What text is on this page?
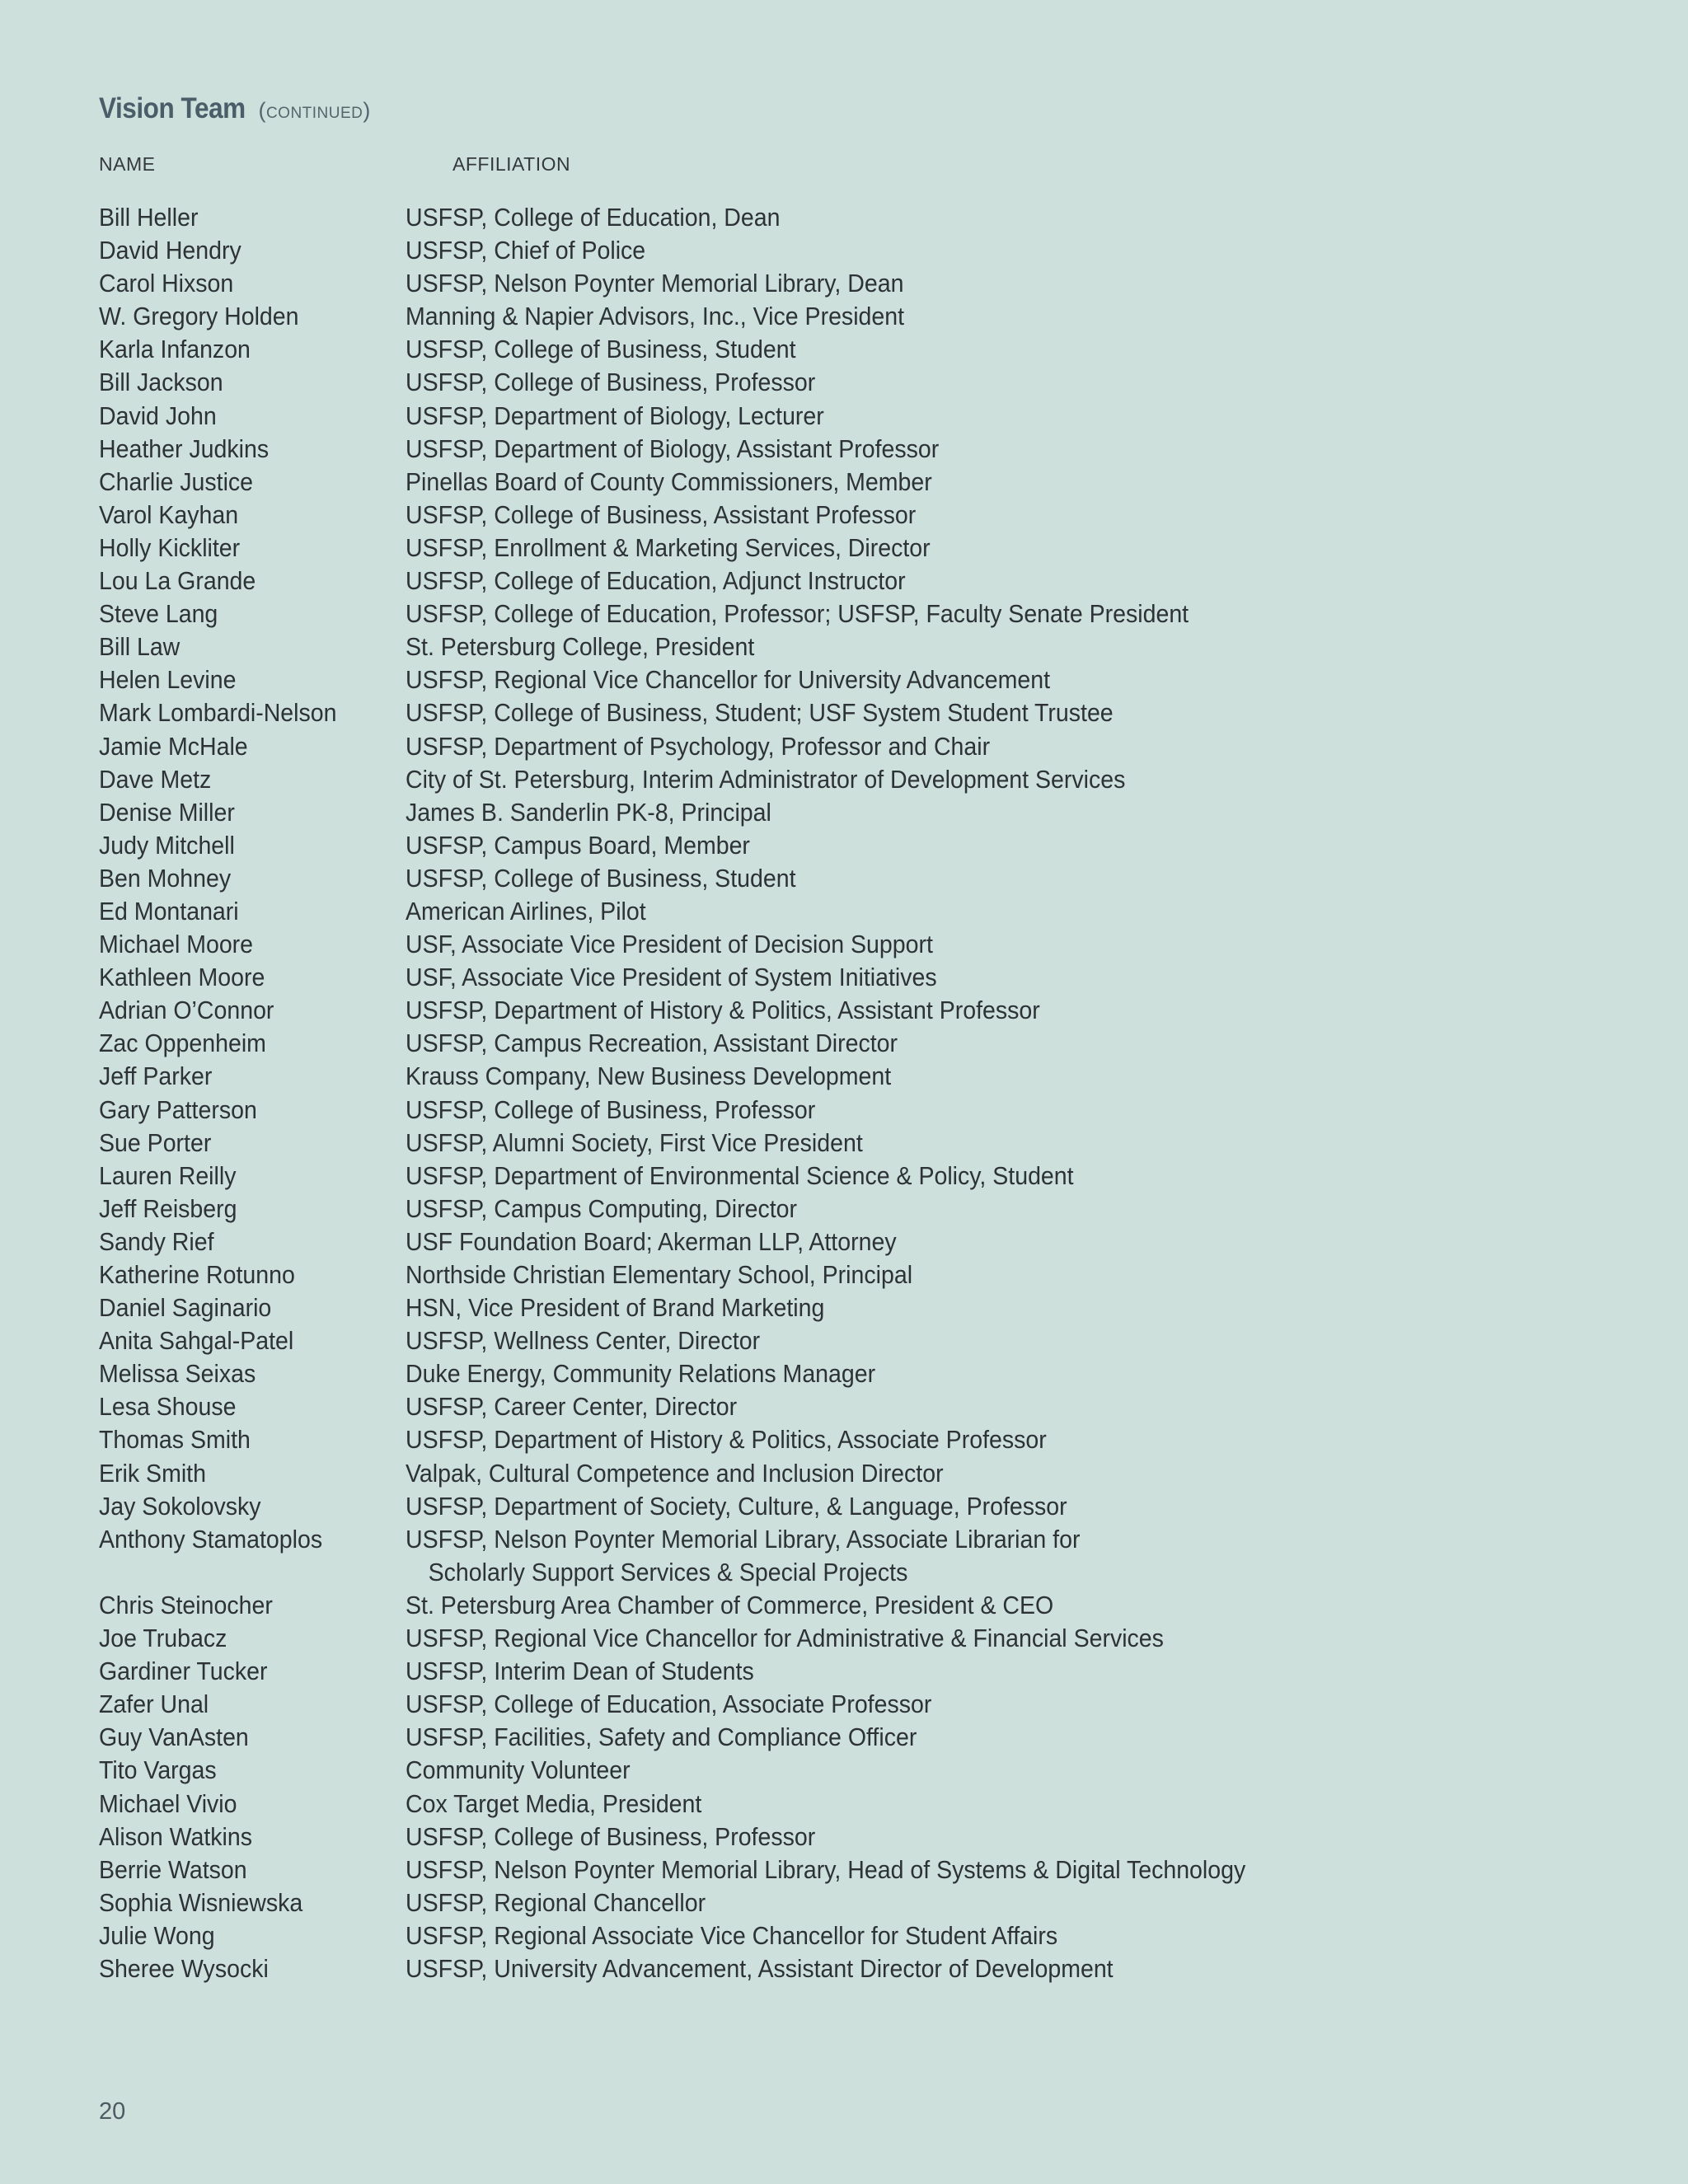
Vision Team (continued)
NAME	AFFILIATION
Bill Heller	USFSP, College of Education, Dean
David Hendry	USFSP, Chief of Police
Carol Hixson	USFSP, Nelson Poynter Memorial Library, Dean
W. Gregory Holden	Manning & Napier Advisors, Inc., Vice President
Karla Infanzon	USFSP, College of Business, Student
Bill Jackson	USFSP, College of Business, Professor
David John	USFSP, Department of Biology, Lecturer
Heather Judkins	USFSP, Department of Biology, Assistant Professor
Charlie Justice	Pinellas Board of County Commissioners, Member
Varol Kayhan	USFSP, College of Business, Assistant Professor
Holly Kickliter	USFSP, Enrollment & Marketing Services, Director
Lou La Grande	USFSP, College of Education, Adjunct Instructor
Steve Lang	USFSP, College of Education, Professor; USFSP, Faculty Senate President
Bill Law	St. Petersburg College, President
Helen Levine	USFSP, Regional Vice Chancellor for University Advancement
Mark Lombardi-Nelson	USFSP, College of Business, Student; USF System Student Trustee
Jamie McHale	USFSP, Department of Psychology, Professor and Chair
Dave Metz	City of St. Petersburg, Interim Administrator of Development Services
Denise Miller	James B. Sanderlin PK-8, Principal
Judy Mitchell	USFSP, Campus Board, Member
Ben Mohney	USFSP, College of Business, Student
Ed Montanari	American Airlines, Pilot
Michael Moore	USF, Associate Vice President of Decision Support
Kathleen Moore	USF, Associate Vice President of System Initiatives
Adrian O’Connor	USFSP, Department of History & Politics, Assistant Professor
Zac Oppenheim	USFSP, Campus Recreation, Assistant Director
Jeff Parker	Krauss Company, New Business Development
Gary Patterson	USFSP, College of Business, Professor
Sue Porter	USFSP, Alumni Society, First Vice President
Lauren Reilly	USFSP, Department of Environmental Science & Policy, Student
Jeff Reisberg	USFSP, Campus Computing, Director
Sandy Rief	USF Foundation Board; Akerman LLP, Attorney
Katherine Rotunno	Northside Christian Elementary School, Principal
Daniel Saginario	HSN, Vice President of Brand Marketing
Anita Sahgal-Patel	USFSP, Wellness Center, Director
Melissa Seixas	Duke Energy, Community Relations Manager
Lesa Shouse	USFSP, Career Center, Director
Thomas Smith	USFSP, Department of History & Politics, Associate Professor
Erik Smith	Valpak, Cultural Competence and Inclusion Director
Jay Sokolovsky	USFSP, Department of Society, Culture, & Language, Professor
Anthony Stamatoplos	USFSP, Nelson Poynter Memorial Library, Associate Librarian for
Scholarly Support Services & Special Projects
Chris Steinocher	St. Petersburg Area Chamber of Commerce, President & CEO
Joe Trubacz	USFSP, Regional Vice Chancellor for Administrative & Financial Services
Gardiner Tucker	USFSP, Interim Dean of Students
Zafer Unal	USFSP, College of Education, Associate Professor
Guy VanAsten	USFSP, Facilities, Safety and Compliance Officer
Tito Vargas	Community Volunteer
Michael Vivio	Cox Target Media, President
Alison Watkins	USFSP, College of Business, Professor
Berrie Watson	USFSP, Nelson Poynter Memorial Library, Head of Systems & Digital Technology
Sophia Wisniewska	USFSP, Regional Chancellor
Julie Wong	USFSP, Regional Associate Vice Chancellor for Student Affairs
Sheree Wysocki	USFSP, University Advancement, Assistant Director of Development
20
